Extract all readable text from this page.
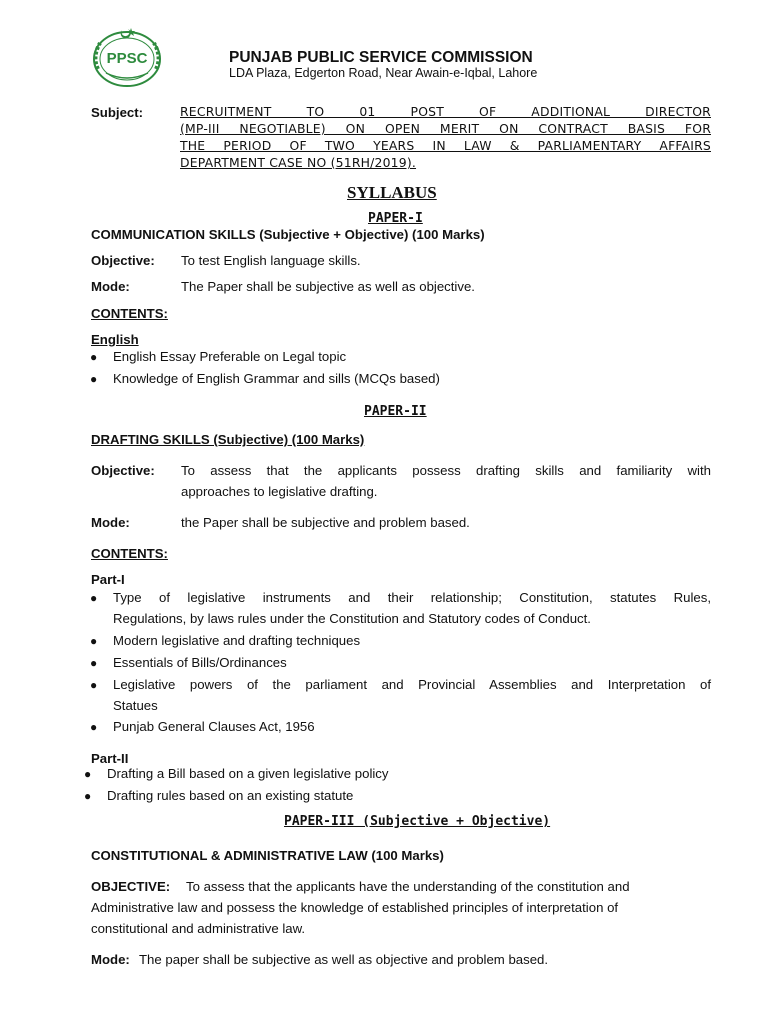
PPSC	PUNJAB PUBLIC SERVICE COMMISSION
LDA Plaza, Edgerton Road, Near Awain-e-Iqbal, Lahore
Subject:	RECRUITMENT TO 01 POST OF ADDITIONAL DIRECTOR
(MP-III NEGOTIABLE) ON OPEN MERIT ON CONTRACT BASIS FOR
THE PERIOD OF TWO YEARS IN LAW & PARLIAMENTARY AFFAIRS
DEPARTMENT CASE NO (51RH/2019).
SYLLABUS
PAPER-I
COMMUNICATION SKILLS (Subjective + Objective) (100 Marks)
Objective: To test English language skills.
Mode:	The Paper shall be subjective as well as objective.
CONTENTS:
English
● English Essay Preferable on Legal topic
● Knowledge of English Grammar and sills (MCQs based)
PAPER-II
DRAFTING SKILLS (Subjective) (100 Marks)
Objective: To assess that the applicants possess drafting skills and familiarity with
approaches to legislative drafting.
Mode:	the Paper shall be subjective and problem based.
CONTENTS:
Part-I
● Type of legislative instruments and their relationship; Constitution, statutes Rules,
Regulations, by laws rules under the Constitution and Statutory codes of Conduct.
● Modern legislative and drafting techniques
● Essentials of Bills/Ordinances
● Legislative powers of the parliament and Provincial Assemblies and Interpretation of
Statues
● Punjab General Clauses Act, 1956
Part-II
● Drafting a Bill based on a given legislative policy
● Drafting rules based on an existing statute
PAPER-III (Subjective + Objective)
CONSTITUTIONAL & ADMINISTRATIVE LAW (100 Marks)
OBJECTIVE: To assess that the applicants have the understanding of the constitution and
Administrative law and possess the knowledge of established principles of interpretation of
constitutional and administrative law.
Mode: The paper shall be subjective as well as objective and problem based.
